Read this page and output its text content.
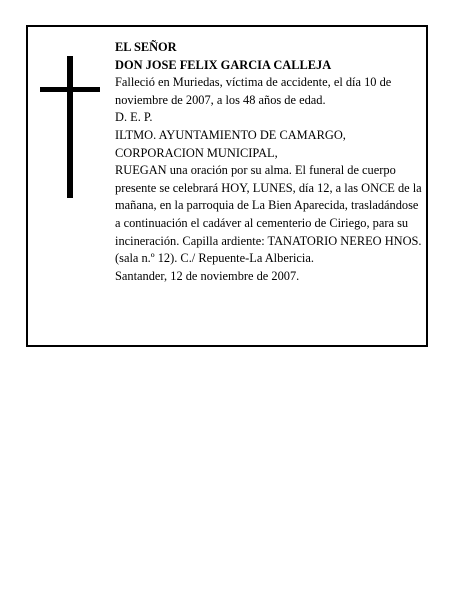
EL SEÑOR

DON JOSE FELIX GARCIA CALLEJA

Falleció en Muriedas, víctima de accidente, el día 10 de noviembre de 2007, a los 48 años de edad.

D. E. P.

ILTMO. AYUNTAMIENTO DE CAMARGO,

CORPORACION MUNICIPAL,

RUEGAN una oración por su alma. El funeral de cuerpo presente se celebrará HOY, LUNES, día 12, a las ONCE de la mañana, en la parroquia de La Bien Aparecida, trasladándose a continuación el cadáver al cementerio de Ciriego, para su incineración. Capilla ardiente: TANATORIO NEREO HNOS. (sala n.º 12). C./ Repuente-La Albericia.

Santander, 12 de noviembre de 2007.
